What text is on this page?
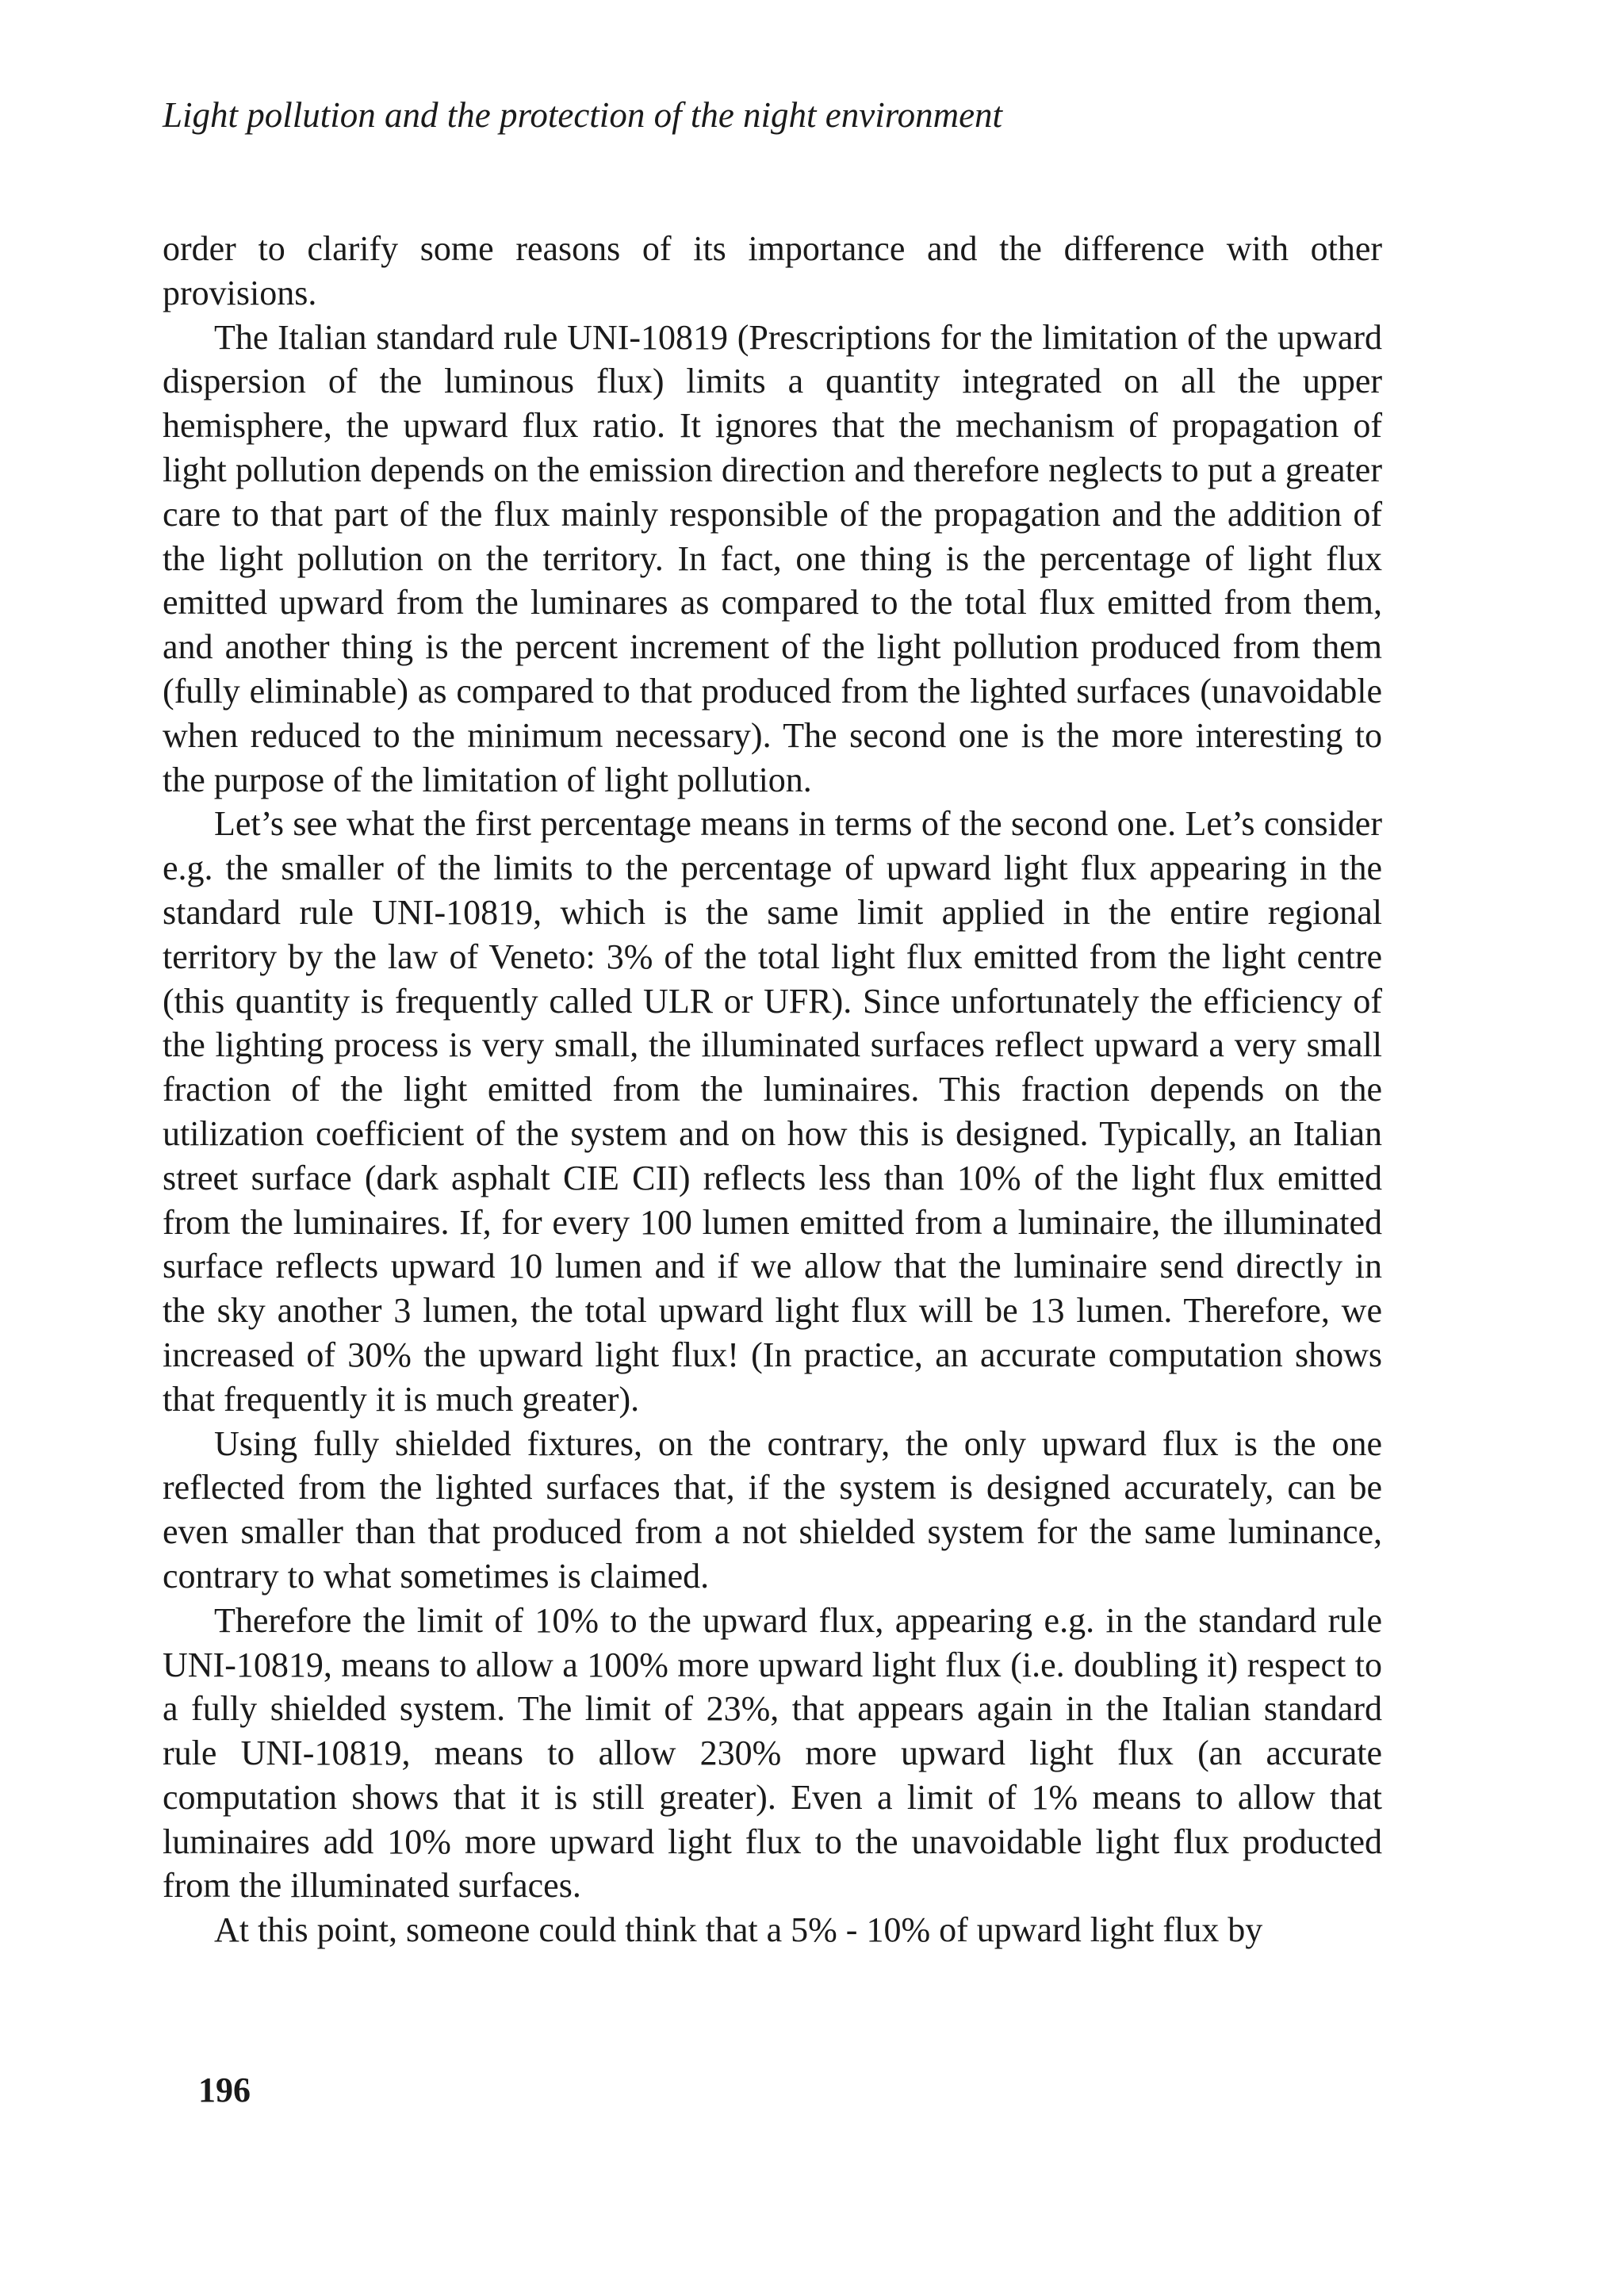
Light pollution and the protection of the night environment

order to clarify some reasons of its importance and the difference with other provisions.

The Italian standard rule UNI-10819 (Prescriptions for the limitation of the upward dispersion of the luminous flux) limits a quantity integrated on all the upper hemisphere, the upward flux ratio. It ignores that the mechanism of propagation of light pollution depends on the emission direction and therefore neglects to put a greater care to that part of the flux mainly responsible of the propagation and the addition of the light pollution on the territory. In fact, one thing is the percentage of light flux emitted upward from the luminares as compared to the total flux emitted from them, and another thing is the percent increment of the light pollution produced from them (fully eliminable) as compared to that produced from the lighted surfaces (unavoidable when reduced to the minimum necessary). The second one is the more interesting to the purpose of the limitation of light pollution.

Let’s see what the first percentage means in terms of the second one. Let’s consider e.g. the smaller of the limits to the percentage of upward light flux appearing in the standard rule UNI-10819, which is the same limit applied in the entire regional territory by the law of Veneto: 3% of the total light flux emitted from the light centre (this quantity is frequently called ULR or UFR). Since unfortunately the efficiency of the lighting process is very small, the illuminated surfaces reflect upward a very small fraction of the light emitted from the luminaires. This fraction depends on the utilization coefficient of the system and on how this is designed. Typically, an Italian street surface (dark asphalt CIE CII) reflects less than 10% of the light flux emitted from the luminaires. If, for every 100 lumen emitted from a luminaire, the illuminated surface reflects upward 10 lumen and if we allow that the luminaire send directly in the sky another 3 lumen, the total upward light flux will be 13 lumen. Therefore, we increased of 30% the upward light flux! (In practice, an accurate computation shows that frequently it is much greater).

Using fully shielded fixtures, on the contrary, the only upward flux is the one reflected from the lighted surfaces that, if the system is designed accurately, can be even smaller than that produced from a not shielded system for the same luminance, contrary to what sometimes is claimed.

Therefore the limit of 10% to the upward flux, appearing e.g. in the standard rule UNI-10819, means to allow a 100% more upward light flux (i.e. doubling it) respect to a fully shielded system. The limit of 23%, that appears again in the Italian standard rule UNI-10819, means to allow 230% more upward light flux (an accurate computation shows that it is still greater). Even a limit of 1% means to allow that luminaires add 10% more upward light flux to the unavoidable light flux producted from the illuminated surfaces.

At this point, someone could think that a 5% - 10% of upward light flux by

196
